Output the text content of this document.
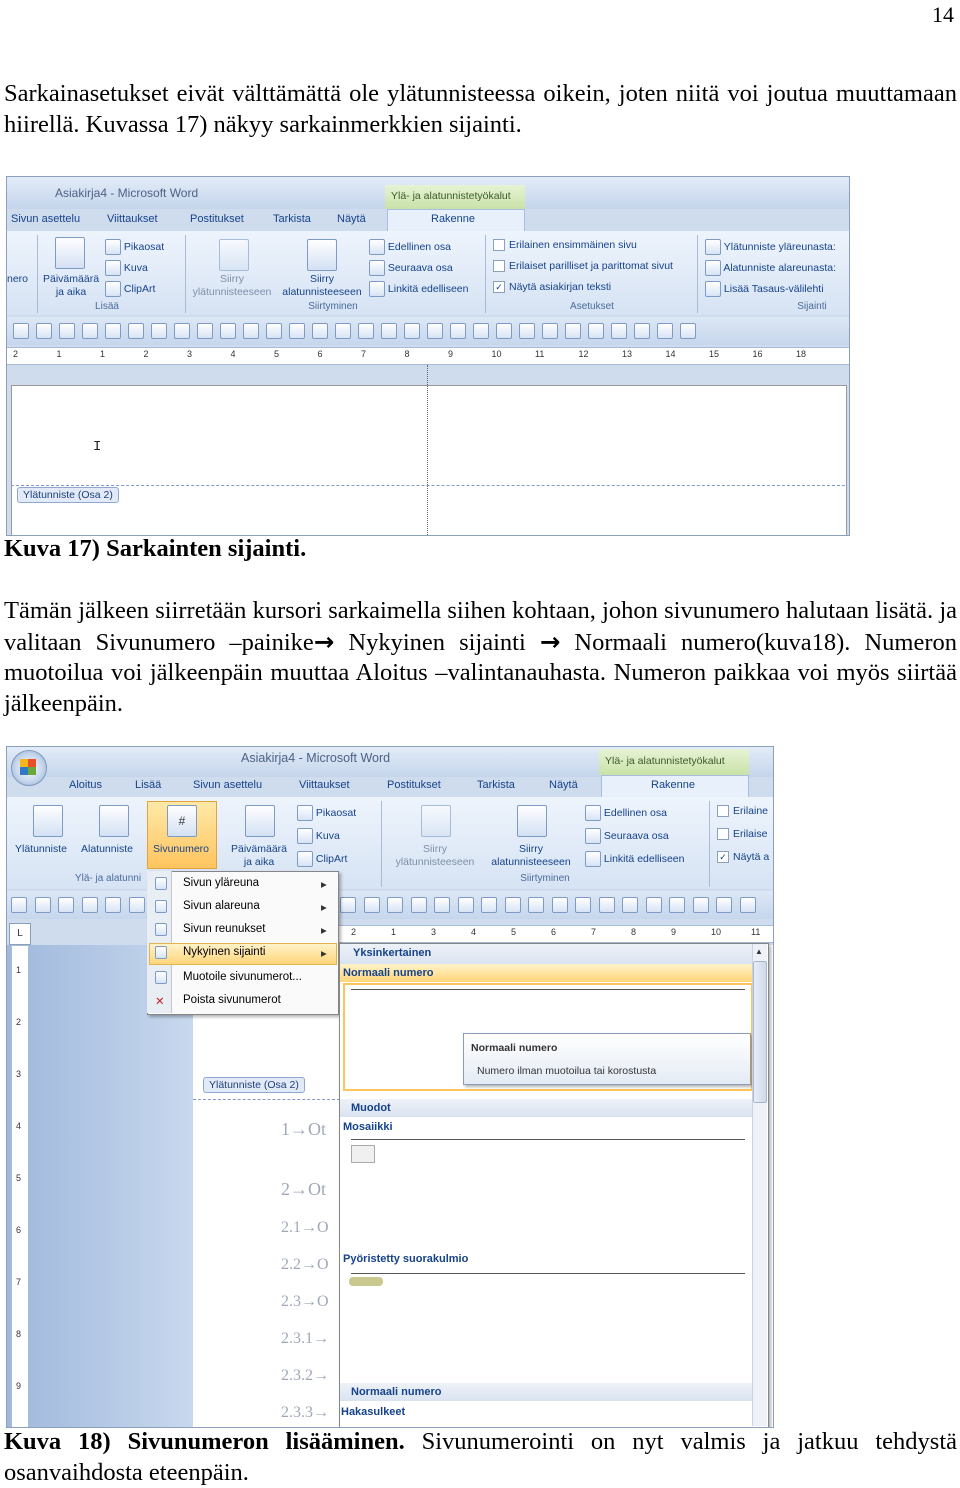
14
Sarkainasetukset eivät välttämättä ole ylätunnisteessa oikein, joten niitä voi joutua muuttamaan hiirellä. Kuvassa 17) näkyy sarkainmerkkien sijainti.
Asiakirja4 - Microsoft Word	Ylä- ja alatunnistetyökalut
Sivun asettelu Viittaukset	Postitukset	Tarkista Näytä	Rakenne
nero Päivämäärä ja aika
Pikaosat
Kuva
ClipArt
Lisää
Siirry ylätunnisteeseen
Siirry alatunnisteeseen
Edellinen osa
Seuraava osa
Linkitä edelliseen
Siirtyminen
Erilainen ensimmäinen sivu
Erilaiset parilliset ja parittomat sivut
✓ Näytä asiakirjan teksti
Asetukset
Ylätunniste yläreunasta:
Alatunniste alareunasta:
Lisää Tasaus-välilehti
Sijainti
2	1	1	2	3	4	5	6	7	8	9	10	11	12	13	14	15	16	18
I
Ylätunniste (Osa 2)
Kuva 17) Sarkainten sijainti.
Tämän jälkeen siirretään kursori sarkaimella siihen kohtaan, johon sivunumero halutaan lisätä. ja valitaan Sivunumero –painike→ Nykyinen sijainti → Normaali numero(kuva18). Numeron muotoilua voi jälkeenpäin muuttaa Aloitus –valintanauhasta. Numeron paikkaa voi myös siirtää jälkeenpäin.
Asiakirja4 - Microsoft Word	Ylä- ja alatunnistetyökalut
Aloitus	Lisää	Sivun asettelu	Viittaukset	Postitukset	Tarkista	Näytä	Rakenne
Ylätunniste Alatunniste
#
Sivunumero	Päivämäärä ja aika
Pikaosat
Kuva
ClipArt
Siirry ylätunnisteeseen
Siirry alatunnisteeseen
Edellinen osa
Seuraava osa
Linkitä edelliseen
Erilaine
Erilaise
✓ Näytä a
Ylä- ja alatunni	Siirtyminen
L	2	1	3	4	5	6	7	8	9	10	11
1
2
3
4
5
6
7
8
9
Ylätunniste (Osa 2)
1→Ot
2→Ot
2.1→O
2.2→O
2.3→O
2.3.1→
2.3.2→
2.3.3→
Sivun yläreuna	▸
Sivun alareuna	▸
Sivun reunukset	▸
Nykyinen sijainti	▸
Muotoile sivunumerot...
✕ Poista sivunumerot
Yksinkertainen
Normaali numero
Normaali numero
Numero ilman muotoilua tai korostusta
Muodot
Mosaiikki
Pyöristetty suorakulmio
Normaali numero
Hakasulkeet
▲
Kuva 18) Sivunumeron lisääminen. Sivunumerointi on nyt valmis ja jatkuu tehdystä osanvaihdosta eteenpäin.
